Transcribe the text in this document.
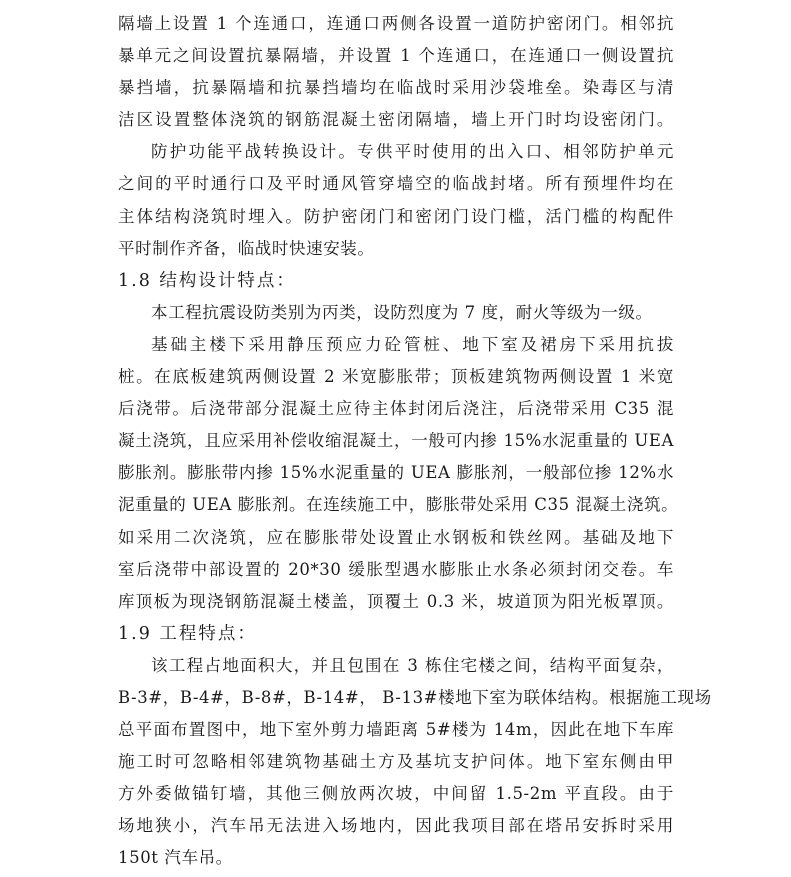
隔墙上设置 1 个连通口，连通口两侧各设置一道防护密闭门。相邻抗
暴单元之间设置抗暴隔墙，并设置 1 个连通口，在连通口一侧设置抗
暴挡墙，抗暴隔墙和抗暴挡墙均在临战时采用沙袋堆垒。染毒区与清
洁区设置整体浇筑的钢筋混凝土密闭隔墙，墙上开门时均设密闭门。
防护功能平战转换设计。专供平时使用的出入口、相邻防护单元
之间的平时通行口及平时通风管穿墙空的临战封堵。所有预埋件均在
主体结构浇筑时埋入。防护密闭门和密闭门设门槛，活门槛的构配件
平时制作齐备，临战时快速安装。
1.8 结构设计特点：
本工程抗震设防类别为丙类，设防烈度为 7 度，耐火等级为一级。
基础主楼下采用静压预应力砼管桩、地下室及裙房下采用抗拔
桩。在底板建筑两侧设置 2 米宽膨胀带；顶板建筑物两侧设置 1 米宽
后浇带。后浇带部分混凝土应待主体封闭后浇注，后浇带采用 C35 混
凝土浇筑，且应采用补偿收缩混凝土，一般可内掺 15%水泥重量的 UEA
膨胀剂。膨胀带内掺 15%水泥重量的 UEA 膨胀剂，一般部位掺 12%水
泥重量的 UEA 膨胀剂。在连续施工中，膨胀带处采用 C35 混凝土浇筑。
如采用二次浇筑，应在膨胀带处设置止水钢板和铁丝网。基础及地下
室后浇带中部设置的 20*30 缓胀型遇水膨胀止水条必须封闭交卷。车
库顶板为现浇钢筋混凝土楼盖，顶覆土 0.3 米，坡道顶为阳光板罩顶。
1.9 工程特点：
该工程占地面积大，并且包围在 3 栋住宅楼之间，结构平面复杂，
B-3#，B-4#，B-8#，B-14#， B-13#楼地下室为联体结构。根据施工现场
总平面布置图中，地下室外剪力墙距离 5#楼为 14m，因此在地下车库
施工时可忽略相邻建筑物基础土方及基坑支护问体。地下室东侧由甲
方外委做锚钉墙，其他三侧放两次坡，中间留 1.5-2m 平直段。由于
场地狭小，汽车吊无法进入场地内，因此我项目部在塔吊安拆时采用
150t 汽车吊。
